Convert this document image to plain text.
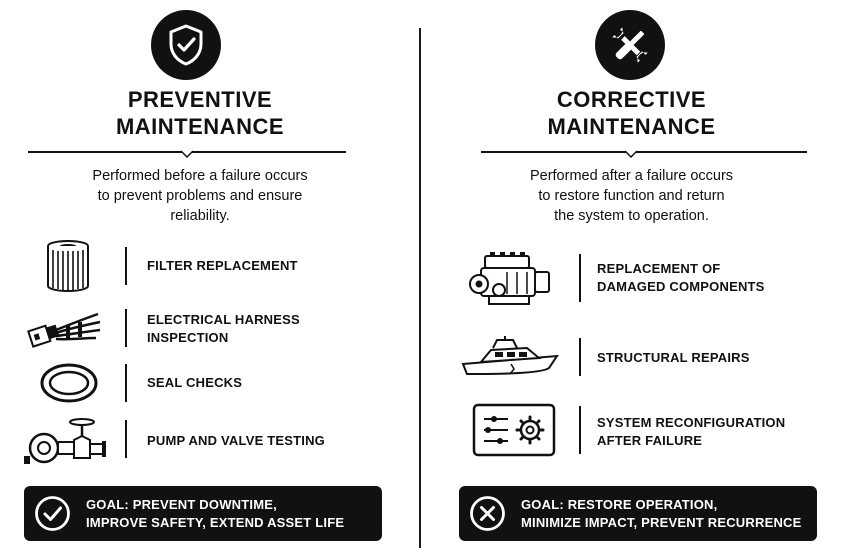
PREVENTIVE
MAINTENANCE
Performed before a failure occurs
to prevent problems and ensure
reliability.
FILTER REPLACEMENT
ELECTRICAL HARNESS
INSPECTION
SEAL CHECKS
PUMP AND VALVE TESTING
GOAL: PREVENT DOWNTIME,
IMPROVE SAFETY, EXTEND ASSET LIFE
CORRECTIVE
MAINTENANCE
Performed after a failure occurs
to restore function and return
the system to operation.
REPLACEMENT OF
DAMAGED COMPONENTS
STRUCTURAL REPAIRS
SYSTEM RECONFIGURATION
AFTER FAILURE
GOAL: RESTORE OPERATION,
MINIMIZE IMPACT, PREVENT RECURRENCE
